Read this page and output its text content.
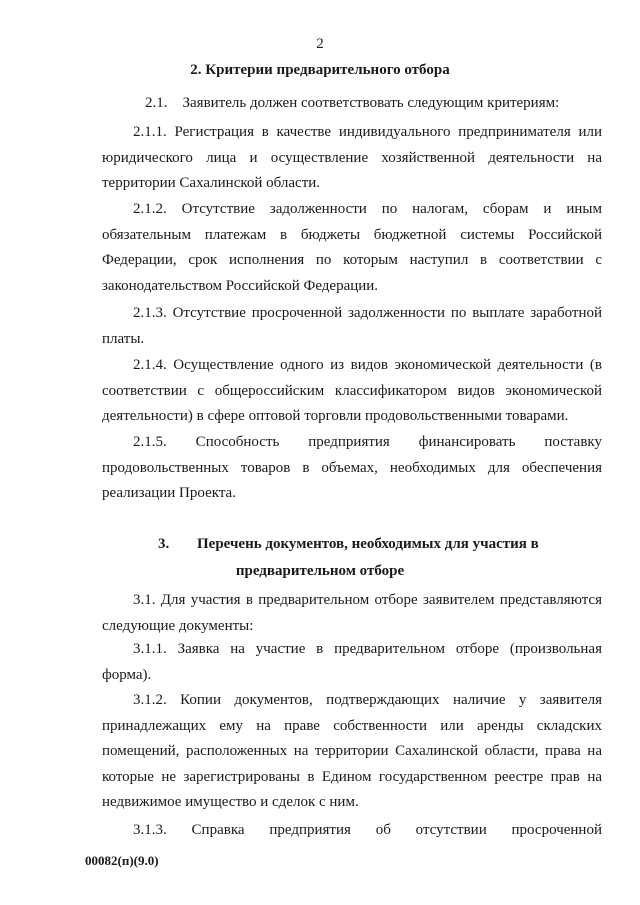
2
2. Критерии предварительного отбора
2.1.    Заявитель должен соответствовать следующим критериям:
2.1.1. Регистрация в качестве индивидуального предпринимателя или юридического лица и осуществление хозяйственной деятельности на территории Сахалинской области.
2.1.2. Отсутствие задолженности по налогам, сборам и иным обязательным платежам в бюджеты бюджетной системы Российской Федерации, срок исполнения по которым наступил в соответствии с законодательством Российской Федерации.
2.1.3. Отсутствие просроченной задолженности по выплате заработной платы.
2.1.4. Осуществление одного из видов экономической деятельности (в соответствии с общероссийским классификатором видов экономической деятельности) в сфере оптовой торговли продовольственными товарами.
2.1.5. Способность предприятия финансировать поставку продовольственных товаров в объемах, необходимых для обеспечения реализации Проекта.
3. Перечень документов, необходимых для участия в
предварительном отборе
3.1. Для участия в предварительном отборе заявителем представляются следующие документы:
3.1.1. Заявка на участие в предварительном отборе (произвольная форма).
3.1.2. Копии документов, подтверждающих наличие у заявителя принадлежащих ему на праве собственности или аренды складских помещений, расположенных на территории Сахалинской области, права на которые не зарегистрированы в Едином государственном реестре прав на недвижимое имущество и сделок с ним.
3.1.3. Справка предприятия об отсутствии просроченной
00082(п)(9.0)
